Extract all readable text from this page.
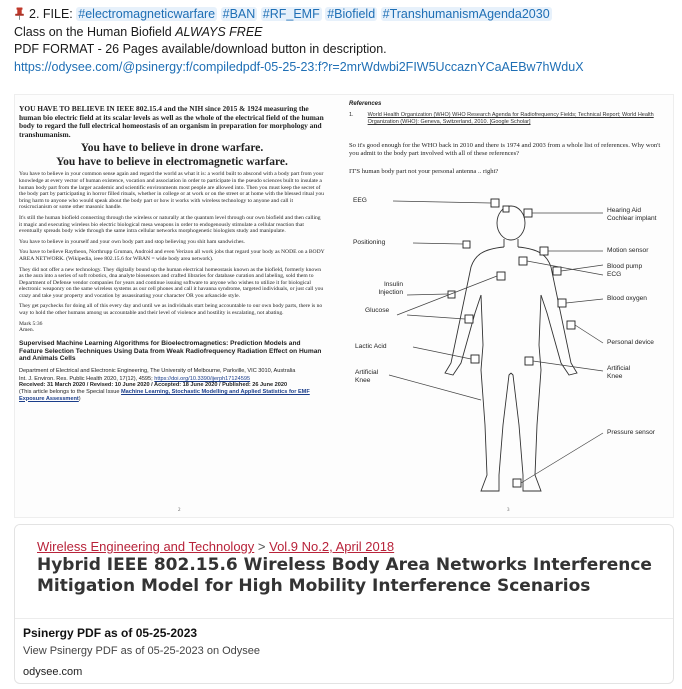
2. FILE: #electromagneticwarfare #BAN #RF_EMF #Biofield #TranshumanismAgenda2030
Class on the Human Biofield ALWAYS FREE
PDF FORMAT - 26 Pages available/download button in description.
https://odysee.com/@psinergy:f/compiledpdf-05-25-23:f?r=2mrWdwbi2FIW5UccaznYCaAEBw7hWduX
YOU HAVE TO BELIEVE IN IEEE 802.15.4 and the NIH since 2015 & 1924 measuring the human bio electric field at its scalar levels as well as the whole of the electrical field of the human body to regard the full electrical homeostasis of an organism in preparation for morphology and transhumanism.
You have to believe in drone warfare.
You have to believe in electromagnetic warfare.
You have to believe in your common sense again and regard the world as what it is: a world built to abscond with a body part from your knowledge at every vector of human existence, vocation and association in order to participate in the pseudo sciences built to insulate a human body part from the larger academic and scientific environments most people are allowed into. Then you must keep the secret of the body part by participating in horror filled rituals, whether in college or at work or on the street or at home with the blessed ritual you bring harm to anyone who would speak about the body part or how it works with wireless technology to anyone and call it rosicrucianism or some other masonic handle.
It's still the human biofield connecting through the wireless or naturally at the quantum level through our own biofield and then calling it magic and executing wireless bio electric biological mesa weapons in order to endogenously stimulate a cellular reaction that eventually spreads body wide through the same intra cellular networks morphogenetic biologists study and manipulate.
You have to believe in yourself and your own body part and stop believing you shit ham sandwiches.
You have to believe Raytheon, Northrupp Gruman, Android and even Verizon all work jobs that regard your body as NODE on a BODY AREA NETWORK. (Wikipedia, ieee 802.15.6 for WBAN = wide body area network).
They did not offer a new technology. They digitally bound up the human electrical homeostasis known as the biofield, formerly known as the aura into a series of soft robotics, dna analyte biosensors and crafted libraries for database curation and labeling, sold them to Department of Defense vendor companies for years and continue issuing software to anyone who wishes to utilize it for biological electronic weaponry on the same wireless systems as our cell phones and call it havanna syndrome, targeted individuals, or just call you crazy and take your property and vocation by assassinating your character OR you arkancide style.
They get paychecks for doing all of this every day and until we as individuals start being accountable to our own body parts, there is no way to hold the other humans among us accountable and their level of violence and hostility is escalating, not abating.
Mark 5:36
Amen.
Supervised Machine Learning Algorithms for Bioelectromagnetics: Prediction Models and Feature Selection Techniques Using Data from Weak Radiofrequency Radiation Effect on Human and Animals Cells
Department of Electrical and Electronic Engineering, The University of Melbourne, Parkville, VIC 3010, Australia
Int. J. Environ. Res. Public Health 2020, 17(12), 4595; https://doi.org/10.3390/ijerph17124595
Received: 31 March 2020 / Revised: 10 June 2020 / Accepted: 18 June 2020 / Published: 26 June 2020
(This article belongs to the Special Issue Machine Learning, Stochastic Modelling and Applied Statistics for EMF Exposure Assessment)
2
References
1.	World Health Organization (WHO) WHO Research Agenda for Radiofrequency Fields; Technical Report; World Health Organization (WHO): Geneva, Switzerland, 2010. [Google Scholar]
So it's good enough for the WHO back in 2010 and there is 1974 and 2003 from a whole list of references. Why won't you admit to the body part involved with all of these references?
IT'S human body part not your personal antenna .. right?
EEG
Positioning
Insulin Injection
Glucose
Lactic Acid
Artificial Knee
Hearing Aid Cochlear implant
Motion sensor
Blood pump ECG
Blood oxygen
Personal device
Artificial Knee
Pressure sensor
3
Wireless Engineering and Technology > Vol.9 No.2, April 2018
Hybrid IEEE 802.15.6 Wireless Body Area Networks Interference Mitigation Model for High Mobility Interference Scenarios
Psinergy PDF as of 05-25-2023
View Psinergy PDF as of 05-25-2023 on Odysee
odysee.com
